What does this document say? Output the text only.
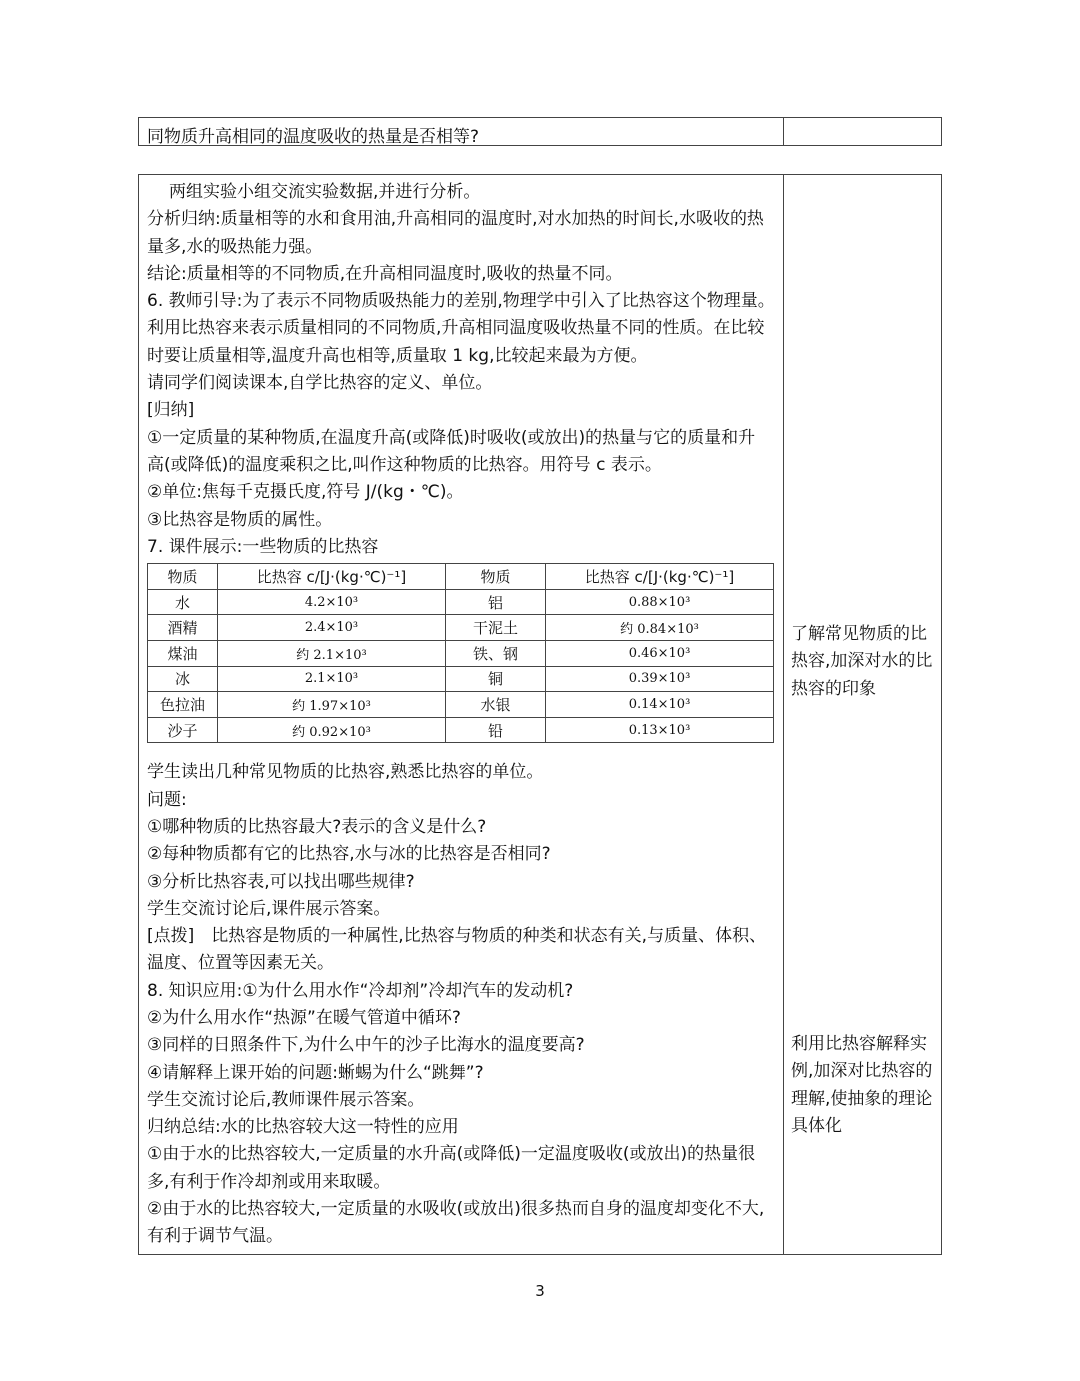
同物质升高相同的温度吸收的热量是否相等?
两组实验小组交流实验数据,并进行分析。
分析归纳:质量相等的水和食用油,升高相同的温度时,对水加热的时间长,水吸收的热
量多,水的吸热能力强。
结论:质量相等的不同物质,在升高相同温度时,吸收的热量不同。
6. 教师引导:为了表示不同物质吸热能力的差别,物理学中引入了比热容这个物理量。
利用比热容来表示质量相同的不同物质,升高相同温度吸收热量不同的性质。在比较
时要让质量相等,温度升高也相等,质量取 1 kg,比较起来最为方便。
请同学们阅读课本,自学比热容的定义、单位。
[归纳]
①一定质量的某种物质,在温度升高(或降低)时吸收(或放出)的热量与它的质量和升
高(或降低)的温度乘积之比,叫作这种物质的比热容。用符号 c 表示。
②单位:焦每千克摄氏度,符号 J/(kg・℃)。
③比热容是物质的属性。
7. 课件展示:一些物质的比热容
物质	比热容 c/[J·(kg·℃)⁻¹]	物质	比热容 c/[J·(kg·℃)⁻¹]
水	4.2×10³	铝	0.88×10³
酒精	2.4×10³	干泥土	约 0.84×10³
煤油	约 2.1×10³	铁、钢	0.46×10³
冰	2.1×10³	铜	0.39×10³
色拉油	约 1.97×10³	水银	0.14×10³
沙子	约 0.92×10³	铅	0.13×10³
学生读出几种常见物质的比热容,熟悉比热容的单位。
问题:
①哪种物质的比热容最大?表示的含义是什么?
②每种物质都有它的比热容,水与冰的比热容是否相同?
③分析比热容表,可以找出哪些规律?
学生交流讨论后,课件展示答案。
[点拨]　比热容是物质的一种属性,比热容与物质的种类和状态有关,与质量、体积、
温度、位置等因素无关。
8. 知识应用:①为什么用水作“冷却剂”冷却汽车的发动机?
②为什么用水作“热源”在暖气管道中循环?
③同样的日照条件下,为什么中午的沙子比海水的温度要高?
④请解释上课开始的问题:蜥蜴为什么“跳舞”?
学生交流讨论后,教师课件展示答案。
归纳总结:水的比热容较大这一特性的应用
①由于水的比热容较大,一定质量的水升高(或降低)一定温度吸收(或放出)的热量很
多,有利于作冷却剂或用来取暖。
②由于水的比热容较大,一定质量的水吸收(或放出)很多热而自身的温度却变化不大,
有利于调节气温。
了解常见物质的比
热容,加深对水的比
热容的印象
利用比热容解释实
例,加深对比热容的
理解,使抽象的理论
具体化
3
